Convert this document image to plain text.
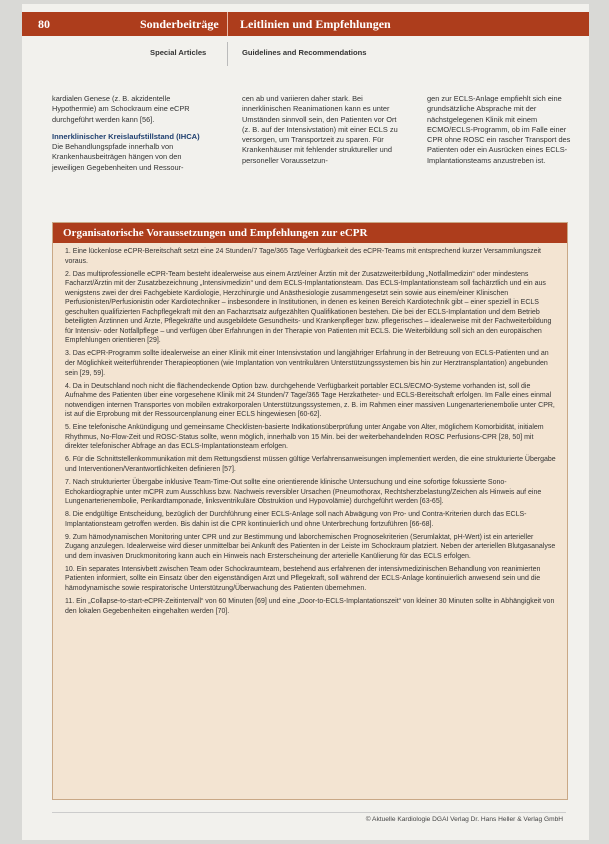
80	Sonderbeiträge Leitlinien und Empfehlungen
Special Articles	Guidelines and Recommendations

kardialen Genese (z. B. akzidentelle Hypothermie) am Schockraum eine eCPR durchgeführt werden kann [56].

Innerklinischer Kreislaufstillstand (IHCA)

Die Behandlungspfade innerhalb von Krankenhausbeiträgen hängen von den jeweiligen Gegebenheiten und Ressour-

cen ab und variieren daher stark. Bei innerklinischen Reanimationen kann es unter Umständen sinnvoll sein, den Patienten vor Ort (z. B. auf der Intensivstation) mit einer ECLS zu versorgen, um Transportzeit zu sparen. Für Krankenhäuser mit fehlender struktureller und personeller Voraussetzun-

gen zur ECLS-Anlage empfiehlt sich eine grundsätzliche Absprache mit der nächstgelegenen Klinik mit einem ECMO/ECLS-Programm, ob im Falle einer CPR ohne ROSC ein rascher Transport des Patienten oder ein Ausrücken eines ECLS-Implantationsteams anzustreben ist.

Organisatorische Voraussetzungen und Empfehlungen zur eCPR
1. Eine lückenlose eCPR-Bereitschaft setzt eine 24 Stunden/7 Tage/365 Tage Verfügbarkeit des eCPR-Teams mit entsprechend kurzer Versammlungszeit voraus.
2. Das multiprofessionelle eCPR-Team besteht idealerweise aus einem Arzt/einer Ärztin mit der Zusatzweiterbildung „Notfallmedizin“ oder mindestens Facharzt/Ärztin mit der Zusatzbezeichnung „Intensivmedizin“ und dem ECLS-Implantationsteam. Das ECLS-Implantationsteam soll fachärztlich und ein aus wenigstens zwei der drei Fachgebiete Kardiologie, Herzchirurgie und Anästhesiologie zusammengesetzt sein sowie aus einem/einer Klinischen Perfusionisten/Perfusionistin oder Kardiotechniker – insbesondere in Institutionen, in denen es keinen Bereich Kardiotechnik gibt – einer speziell in ECLS geschulten qualifizierten Fachpflegekraft mit den an Facharztsatz aufgezählten Qualifikationen bestehen. Die bei der ECLS-Implantation und dem Betrieb beteiligten Ärztinnen und Ärzte, Pflegekräfte und ausgebildete Gesundheits- und Krankenpfleger bzw. pflegerisches – idealerweise mit der Fachweiterbildung für Intensiv- oder Notfallpflege – und verfügen über Erfahrungen in der Therapie von Patienten mit ECLS. Die Weiterbildung soll sich an den europäischen Empfehlungen orientieren [29].
3. Das eCPR-Programm sollte idealerweise an einer Klinik mit einer Intensivstation und langjähriger Erfahrung in der Betreuung von ECLS-Patienten und an der Möglichkeit weiterführender Therapieoptionen (wie Implantation von ventrikulären Unterstützungssystemen bis hin zur Herztransplantation) angebunden sein [29, 59].
4. Da in Deutschland noch nicht die flächendeckende Option bzw. durchgehende Verfügbarkeit portabler ECLS/ECMO-Systeme vorhanden ist, soll die Aufnahme des Patienten über eine vorgesehene Klinik mit 24 Stunden/7 Tage/365 Tage Herzkatheter- und ECLS-Bereitschaft erfolgen. Im Falle eines einmal notwendigen internen Transportes von mobilen extrakorporalen Unterstützungssystemen, z. B. im Rahmen einer massiven Lungenarterienembolie unter CPR, ist auf die Erprobung mit der Ressourcenplanung einer ECLS hingewiesen [60-62].
5. Eine telefonische Ankündigung und gemeinsame Checklisten-basierte Indikationsüberprüfung unter Angabe von Alter, möglichem Komorbidität, initialem Rhythmus, No-Flow-Zeit und ROSC-Status sollte, wenn möglich, innerhalb von 15 Min. bei der weiterbehandelnden ROSC Perfusions-CPR [28, 50] mit direkter telefonischer Abfrage an das ECLS-Implantationsteam erfolgen.
6. Für die Schnittstellenkommunikation mit dem Rettungsdienst müssen gültige Verfahrensanweisungen implementiert werden, die eine strukturierte Übergabe und Interventionen/Verantwortlichkeiten definieren [57].
7. Nach strukturierter Übergabe inklusive Team-Time-Out sollte eine orientierende klinische Untersuchung und eine sofortige fokussierte Sono-Echokardiographie unter mCPR zum Ausschluss bzw. Nachweis reversibler Ursachen (Pneumothorax, Rechtsherzbelastung/Zeichen als Hinweis auf eine Lungenarterienembolie, Perikardtamponade, linksventrikuläre Obstruktion und Hypovolämie) durchgeführt werden [63-65].
8. Die endgültige Entscheidung, bezüglich der Durchführung einer ECLS-Anlage soll nach Abwägung von Pro- und Contra-Kriterien durch das ECLS-Implantationsteam getroffen werden. Bis dahin ist die CPR kontinuierlich und ohne Unterbrechung fortzuführen [66-68].
9. Zum hämodynamischen Monitoring unter CPR und zur Bestimmung und laborchemischen Prognosekriterien (Serumlaktat, pH-Wert) ist ein arterieller Zugang anzulegen. Idealerweise wird dieser unmittelbar bei Ankunft des Patienten in der Leiste im Schockraum platziert. Neben der arteriellen Blutgasanalyse und dem invasiven Druckmonitoring kann auch ein Hinweis nach Ersterscheinung der arterielle Kanülierung für das ECLS erfolgen.
10. Ein separates Intensivbett zwischen Team oder Schockraumteam, bestehend aus erfahrenen der intensivmedizinischen Behandlung von reanimierten Patienten informiert, sollte ein Einsatz über den eigenständigen Arzt und Pflegekraft, soll während der ECLS-Anlage kontinuierlich anwesend sein und die hämodynamische sowie respiratorische Unterstützung/Überwachung des Patienten übernehmen.
11. Ein „Collapse-to-start-eCPR-Zeitintervall“ von 60 Minuten [69] und eine „Door-to-ECLS-Implantationszeit“ von kleiner 30 Minuten sollte in Abhängigkeit von den lokalen Gegebenheiten eingehalten werden [70].
© Aktuelle Kardiologie DGAI Verlag Dr. Hans Heller & Verlag GmbH
